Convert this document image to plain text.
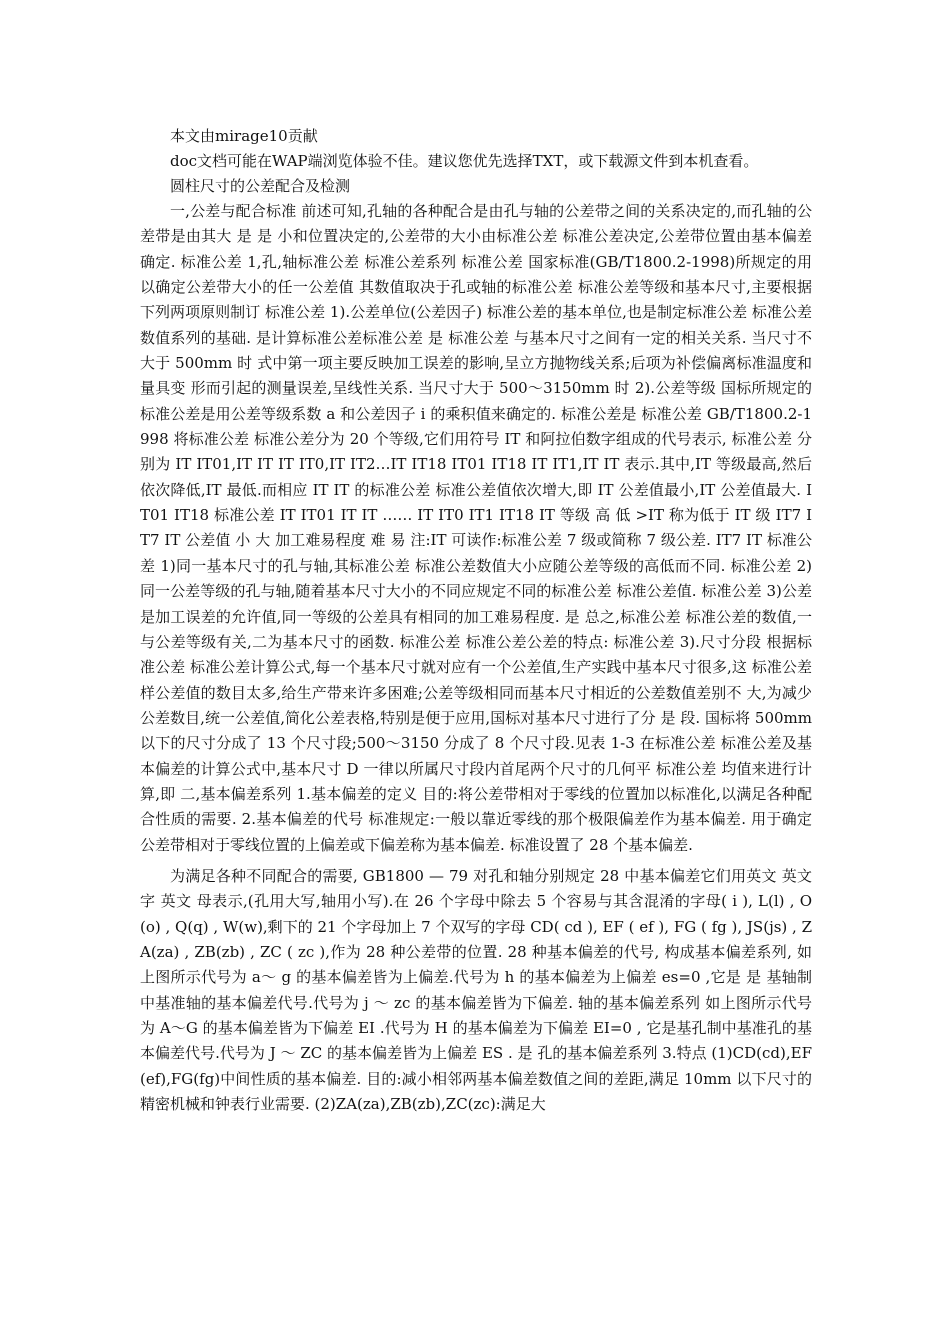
本文由mirage10贡献

doc文档可能在WAP端浏览体验不佳。建议您优先选择TXT，或下载源文件到本机查看。

圆柱尺寸的公差配合及检测

一,公差与配合标准 前述可知,孔轴的各种配合是由孔与轴的公差带之间的关系决定的,而孔轴的公差带是由其大 是 是 小和位置决定的,公差带的大小由标准公差 标准公差决定,公差带位置由基本偏差确定. 标准公差 1,孔,轴标准公差 标准公差系列 标准公差 国家标准(GB/T1800.2-1998)所规定的用以确定公差带大小的任一公差值 其数值取决于孔或轴的标准公差 标准公差等级和基本尺寸,主要根据下列两项原则制订 标准公差 1).公差单位(公差因子) 标准公差的基本单位,也是制定标准公差 标准公差数值系列的基础. 是计算标准公差标准公差 是 标准公差 与基本尺寸之间有一定的相关关系. 当尺寸不大于 500mm 时 式中第一项主要反映加工误差的影响,呈立方抛物线关系;后项为补偿偏离标准温度和量具变 形而引起的测量误差,呈线性关系. 当尺寸大于 500～3150mm 时 2).公差等级 国标所规定的标准公差是用公差等级系数 a 和公差因子 i 的乘积值来确定的. 标准公差是 标准公差 GB/T1800.2-1998 将标准公差 标准公差分为 20 个等级,它们用符号 IT 和阿拉伯数字组成的代号表示, 标准公差 分别为 IT IT01,IT IT IT IT0,IT IT2…IT IT18 IT01 IT18 IT IT1,IT IT 表示.其中,IT 等级最高,然后依次降低,IT 最低.而相应 IT IT 的标准公差 标准公差值依次增大,即 IT 公差值最小,IT 公差值最大. IT01 IT18 标准公差 IT IT01 IT IT …… IT IT0 IT1 IT18 IT 等级 高 低 >IT 称为低于 IT 级 IT7 IT7 IT 公差值 小 大 加工难易程度 难 易 注:IT 可读作:标准公差 7 级或简称 7 级公差. IT7 IT 标准公差 1)同一基本尺寸的孔与轴,其标准公差 标准公差数值大小应随公差等级的高低而不同. 标准公差 2)同一公差等级的孔与轴,随着基本尺寸大小的不同应规定不同的标准公差 标准公差值. 标准公差 3)公差是加工误差的允许值,同一等级的公差具有相同的加工难易程度. 是 总之,标准公差 标准公差的数值,一与公差等级有关,二为基本尺寸的函数. 标准公差 标准公差公差的特点: 标准公差 3).尺寸分段 根据标准公差 标准公差计算公式,每一个基本尺寸就对应有一个公差值,生产实践中基本尺寸很多,这 标准公差 样公差值的数目太多,给生产带来许多困难;公差等级相同而基本尺寸相近的公差数值差别不 大,为减少公差数目,统一公差值,简化公差表格,特别是便于应用,国标对基本尺寸进行了分 是 段. 国标将 500mm 以下的尺寸分成了 13 个尺寸段;500～3150 分成了 8 个尺寸段.见表 1-3 在标准公差 标准公差及基本偏差的计算公式中,基本尺寸 D 一律以所属尺寸段内首尾两个尺寸的几何平 标准公差 均值来进行计算,即 二,基本偏差系列 1.基本偏差的定义 目的:将公差带相对于零线的位置加以标准化,以满足各种配合性质的需要. 2.基本偏差的代号 标准规定:一般以靠近零线的那个极限偏差作为基本偏差. 用于确定公差带相对于零线位置的上偏差或下偏差称为基本偏差. 标准设置了 28 个基本偏差.

为满足各种不同配合的需要, GB1800 — 79 对孔和轴分别规定 28 中基本偏差它们用英文 英文字 英文 母表示,(孔用大写,轴用小写).在 26 个字母中除去 5 个容易与其含混淆的字母( i ), L(l) , O(o) , Q(q) , W(w),剩下的 21 个字母加上 7 个双写的字母 CD( cd ), EF ( ef ), FG ( fg ), JS(js) , ZA(za) , ZB(zb) , ZC ( zc ),作为 28 种公差带的位置. 28 种基本偏差的代号, 构成基本偏差系列, 如上图所示代号为 a～ g 的基本偏差皆为上偏差.代号为 h 的基本偏差为上偏差 es=0 ,它是 是 基轴制中基准轴的基本偏差代号.代号为 j ～ zc 的基本偏差皆为下偏差. 轴的基本偏差系列 如上图所示代号为 A～G 的基本偏差皆为下偏差 EI .代号为 H 的基本偏差为下偏差 EI=0 , 它是基孔制中基准孔的基本偏差代号.代号为 J ～ ZC 的基本偏差皆为上偏差 ES . 是 孔的基本偏差系列 3.特点 (1)CD(cd),EF(ef),FG(fg)中间性质的基本偏差. 目的:减小相邻两基本偏差数值之间的差距,满足 10mm 以下尺寸的精密机械和钟表行业需要. (2)ZA(za),ZB(zb),ZC(zc):满足大
